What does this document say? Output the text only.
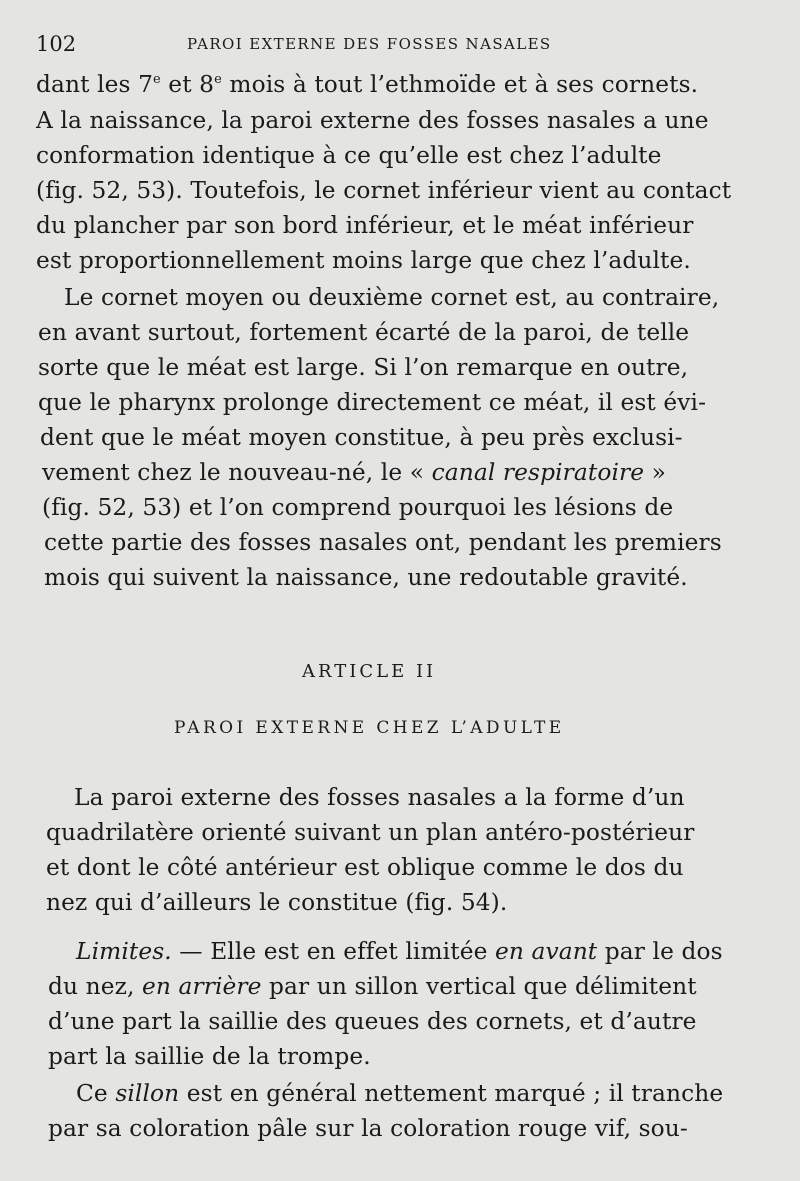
102	PAROI EXTERNE DES FOSSES NASALES
dant les 7e et 8e mois à tout l’ethmoïde et à ses cornets.
A la naissance, la paroi externe des fosses nasales a une
conformation identique à ce qu’elle est chez l’adulte
(fig. 52, 53). Toutefois, le cornet inférieur vient au contact
du plancher par son bord inférieur, et le méat inférieur
est proportionnellement moins large que chez l’adulte.
Le cornet moyen ou deuxième cornet est, au contraire,
en avant surtout, fortement écarté de la paroi, de telle
sorte que le méat est large. Si l’on remarque en outre,
que le pharynx prolonge directement ce méat, il est évi-
dent que le méat moyen constitue, à peu près exclusi-
vement chez le nouveau-né, le « canal respiratoire »
(fig. 52, 53) et l’on comprend pourquoi les lésions de
cette partie des fosses nasales ont, pendant les premiers
mois qui suivent la naissance, une redoutable gravité.
ARTICLE II
PAROI EXTERNE CHEZ L’ADULTE
La paroi externe des fosses nasales a la forme d’un
quadrilatère orienté suivant un plan antéro-postérieur
et dont le côté antérieur est oblique comme le dos du
nez qui d’ailleurs le constitue (fig. 54).
Limites. — Elle est en effet limitée en avant par le dos
du nez, en arrière par un sillon vertical que délimitent
d’une part la saillie des queues des cornets, et d’autre
part la saillie de la trompe.
Ce sillon est en général nettement marqué ; il tranche
par sa coloration pâle sur la coloration rouge vif, sou-
